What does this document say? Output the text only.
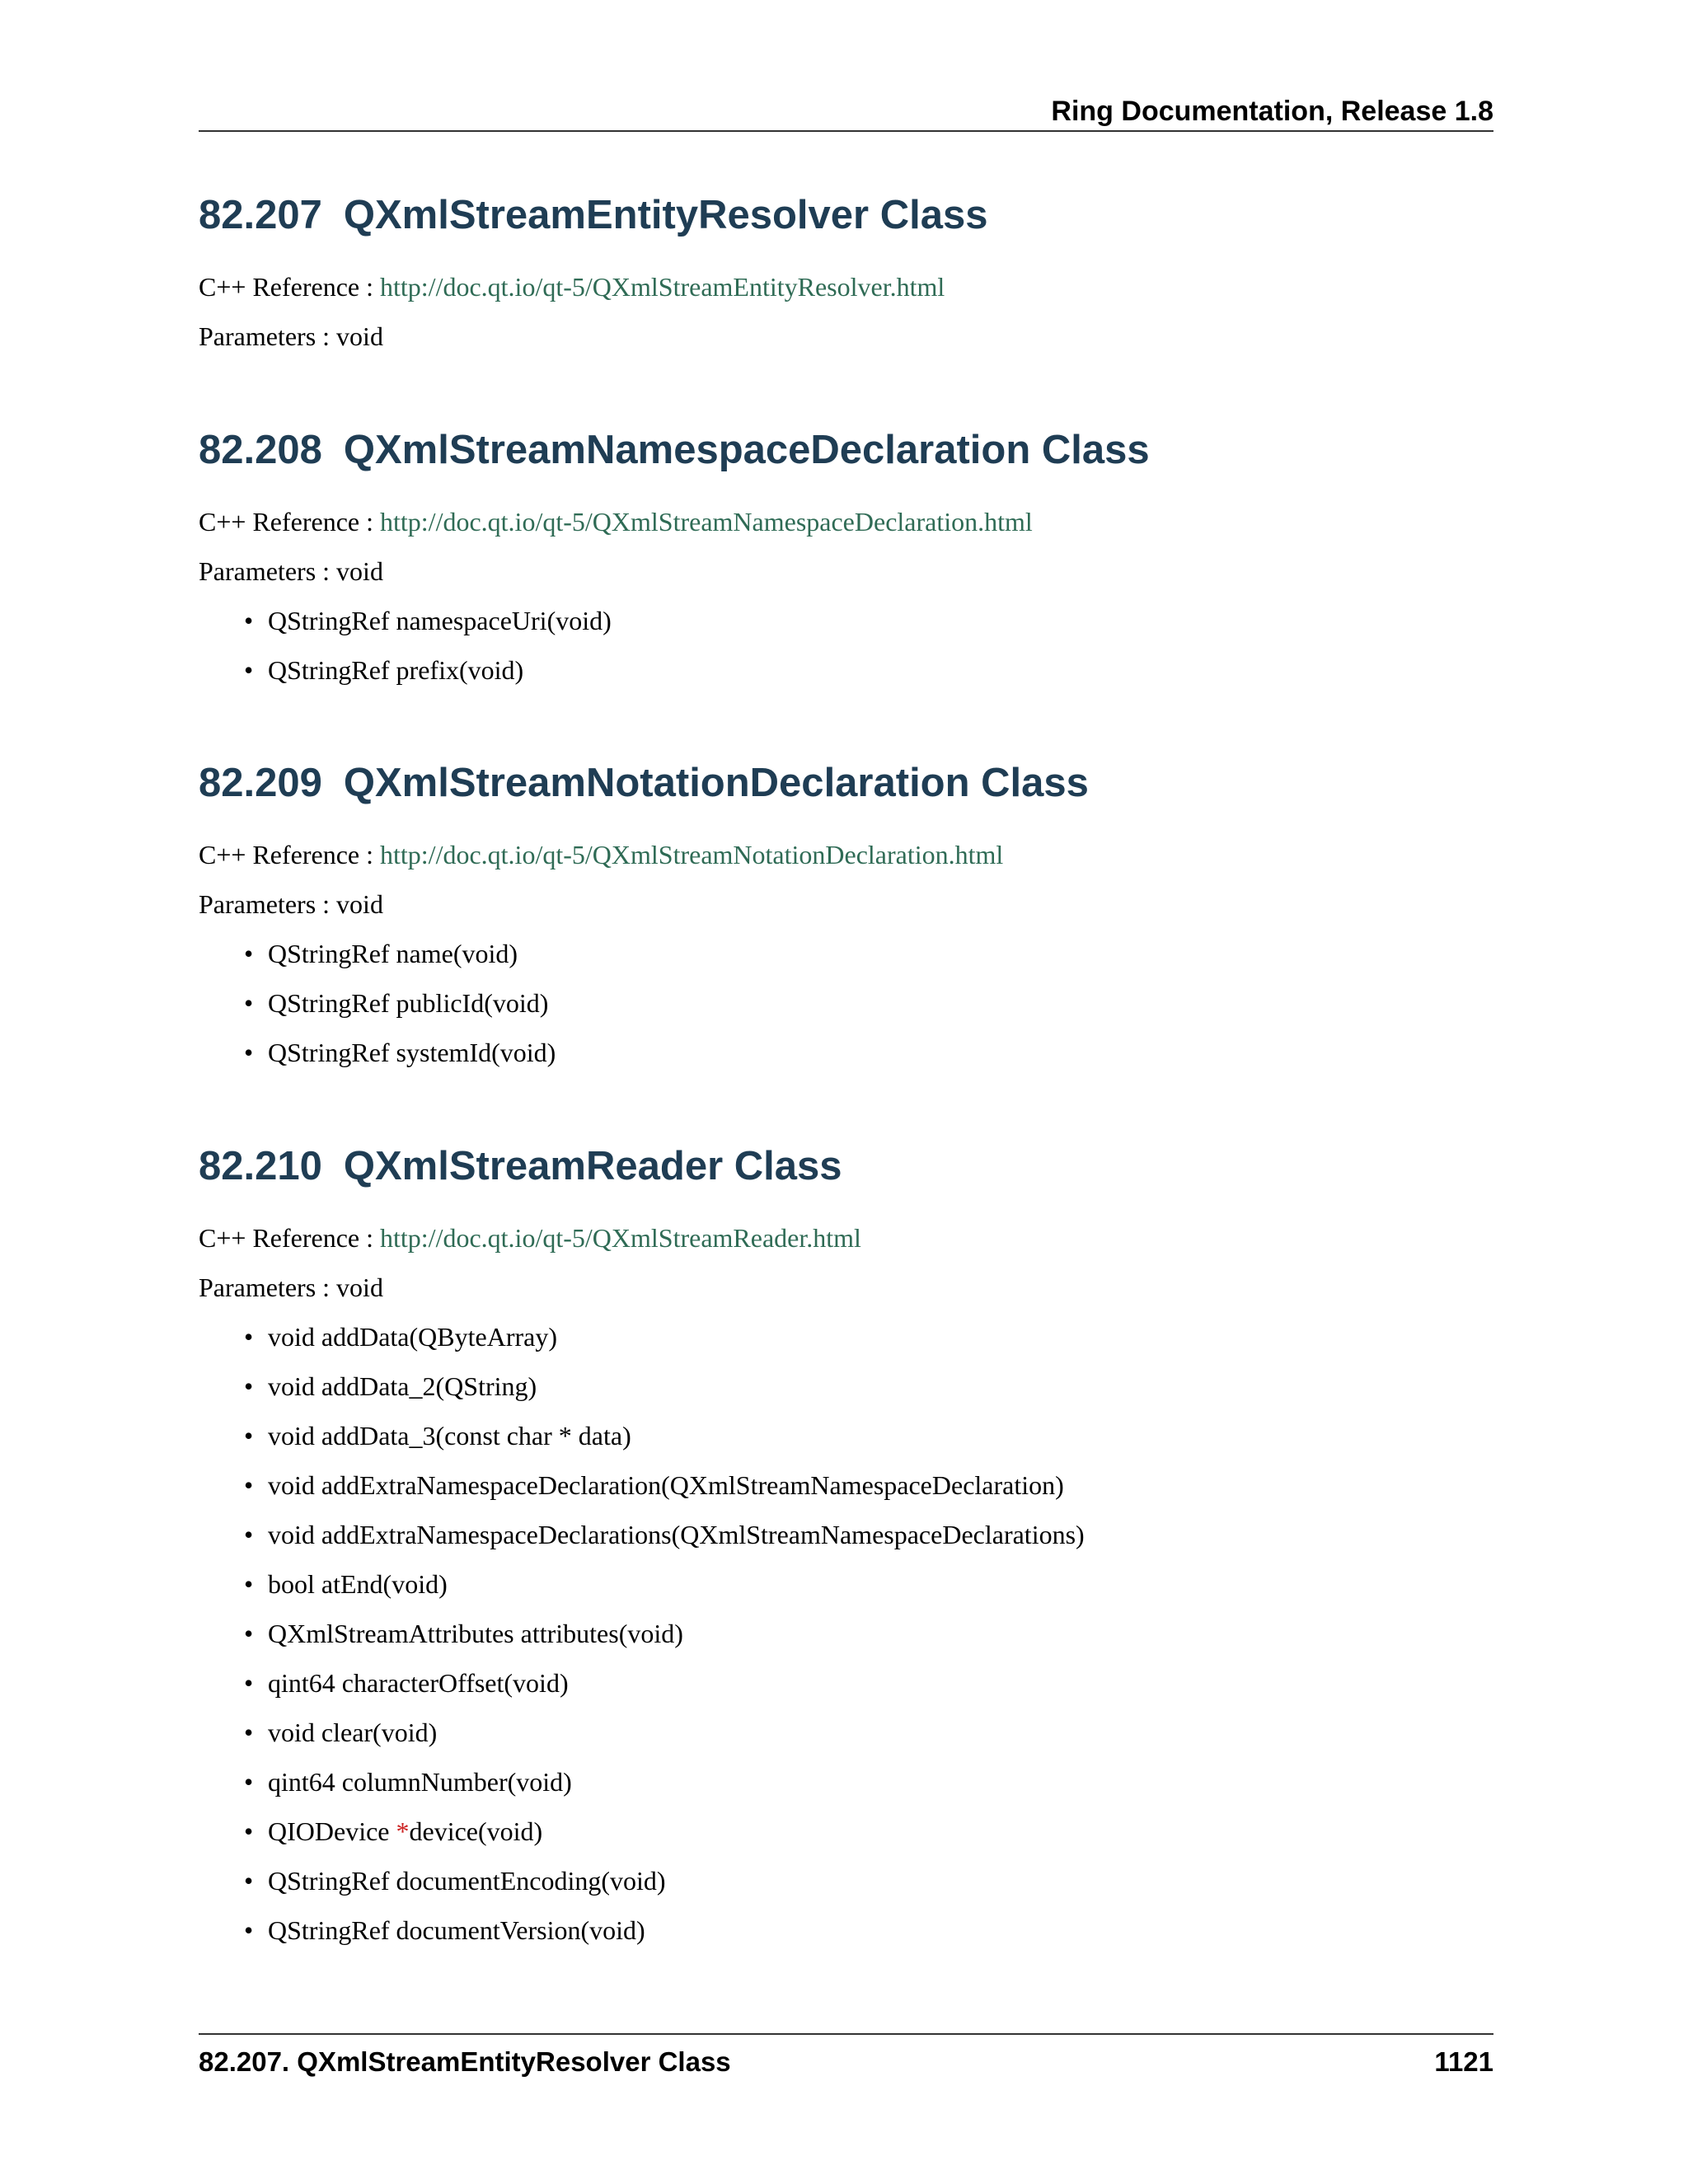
Ring Documentation, Release 1.8
82.207 QXmlStreamEntityResolver Class
C++ Reference : http://doc.qt.io/qt-5/QXmlStreamEntityResolver.html
Parameters : void
82.208 QXmlStreamNamespaceDeclaration Class
C++ Reference : http://doc.qt.io/qt-5/QXmlStreamNamespaceDeclaration.html
Parameters : void
• QStringRef namespaceUri(void)
• QStringRef prefix(void)
82.209 QXmlStreamNotationDeclaration Class
C++ Reference : http://doc.qt.io/qt-5/QXmlStreamNotationDeclaration.html
Parameters : void
• QStringRef name(void)
• QStringRef publicId(void)
• QStringRef systemId(void)
82.210 QXmlStreamReader Class
C++ Reference : http://doc.qt.io/qt-5/QXmlStreamReader.html
Parameters : void
• void addData(QByteArray)
• void addData_2(QString)
• void addData_3(const char * data)
• void addExtraNamespaceDeclaration(QXmlStreamNamespaceDeclaration)
• void addExtraNamespaceDeclarations(QXmlStreamNamespaceDeclarations)
• bool atEnd(void)
• QXmlStreamAttributes attributes(void)
• qint64 characterOffset(void)
• void clear(void)
• qint64 columnNumber(void)
• QIODevice *device(void)
• QStringRef documentEncoding(void)
• QStringRef documentVersion(void)
82.207. QXmlStreamEntityResolver Class	1121
